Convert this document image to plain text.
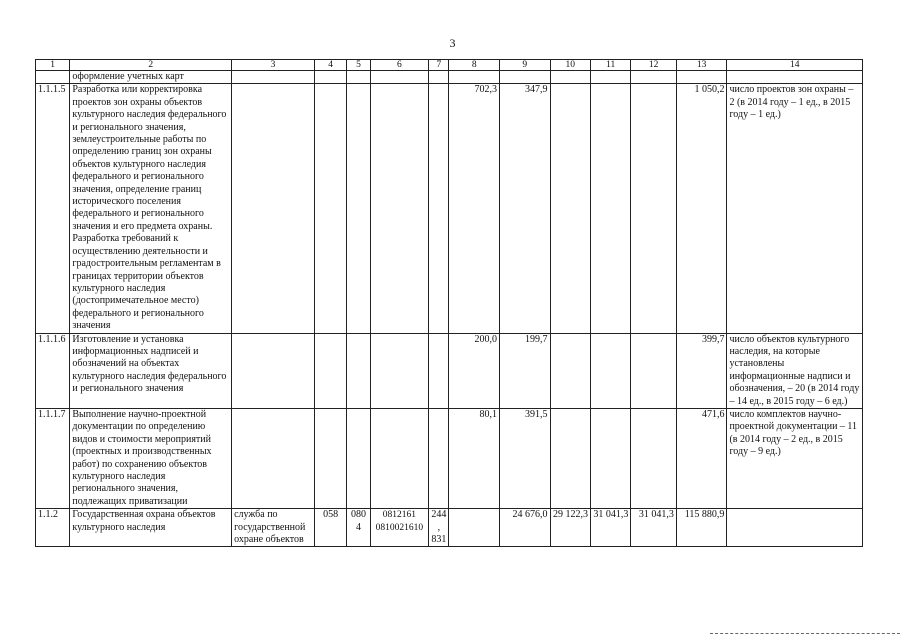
3
1	2	3	4	5	6	7	8	9	10	11	12	13	14
	оформление учетных карт												
1.1.1.5	Разработка или корректировка проектов зон охраны объектов культурного наследия федерального и регионального значения, землеустроительные работы по определению границ зон охраны объектов культурного наследия федерального и регионального значения, определение границ исторического поселения федерального и регионального значения и его предмета охраны. Разработка требований к осуществлению деятельности и градостроительным регламентам в границах территории объектов культурного наследия (достопримечательное место) федерального и регионального значения						702,3	347,9				1 050,2	число проектов зон охраны – 2 (в 2014 году – 1 ед., в 2015 году – 1 ед.)
1.1.1.6	Изготовление и установка информационных надписей и обозначений на объектах культурного наследия федерального и регионального значения						200,0	199,7				399,7	число объектов культурного наследия, на которые установлены информационные надписи и обозначения, – 20 (в 2014 году – 14 ед., в 2015 году – 6 ед.)
1.1.1.7	Выполнение научно-проектной документации по определению видов и стоимости мероприятий (проектных и производственных работ) по сохранению объектов культурного наследия регионального значения, подлежащих приватизации						80,1	391,5				471,6	число комплектов научно-проектной документации – 11 (в 2014 году – 2 ед., в 2015 году – 9 ед.)
1.1.2	Государственная охрана объектов культурного наследия	служба по государственной охране объектов	058	0804	0812161 0810021610	244, 831		24 676,0	29 122,3	31 041,3	31 041,3	115 880,9	
